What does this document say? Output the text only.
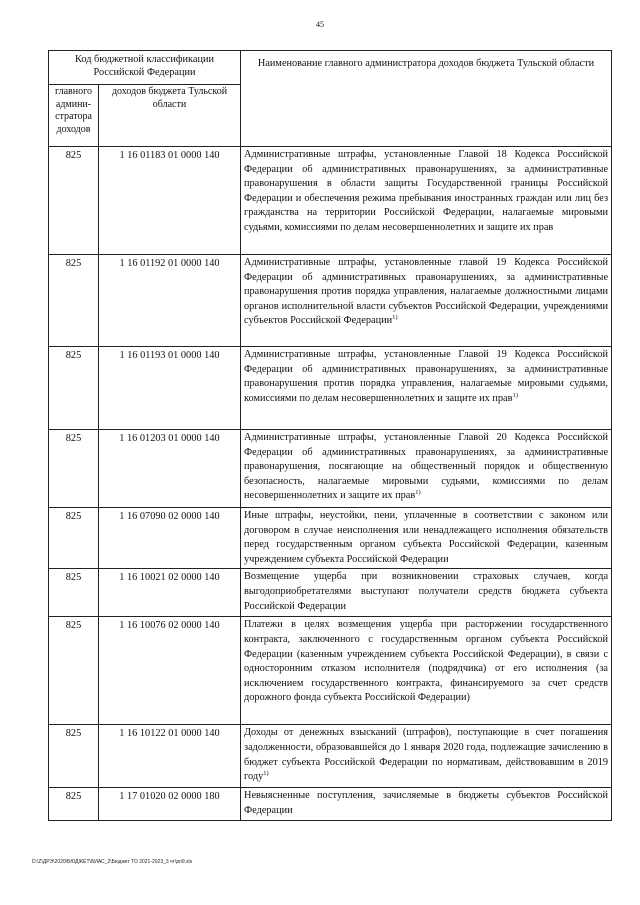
45
Код бюджетной классификации Российской Федерации		Наименование главного администратора доходов бюджета Тульской области
главного админи-стратора доходов	доходов бюджета Тульской области	
825	1 16 01183 01 0000 140	Административные штрафы, установленные Главой 18 Кодекса Российской Федерации об административных правонарушениях, за административные правонарушения в области защиты Государственной границы Российской Федерации и обеспечения режима пребывания иностранных граждан или лиц без гражданства на территории Российской Федерации, налагаемые мировыми судьями, комиссиями по делам несовершеннолетних и защите их прав
825	1 16 01192 01 0000 140	Административные штрафы, установленные главой 19 Кодекса Российской Федерации об административных правонарушениях, за административные правонарушения против порядка управления, налагаемые должностными лицами органов исполнительной власти субъектов Российской Федерации, учреждениями субъектов Российской Федерации$^{1)}$
825	1 16 01193 01 0000 140	Административные штрафы, установленные Главой 19 Кодекса Российской Федерации об административных правонарушениях, за административные правонарушения против порядка управления, налагаемые мировыми судьями, комиссиями по делам несовершеннолетних и защите их прав$^{1)}$
825	1 16 01203 01 0000 140	Административные штрафы, установленные Главой 20 Кодекса Российской Федерации об административных правонарушениях, за административные правонарушения, посягающие на общественный порядок и общественную безопасность, налагаемые мировыми судьями, комиссиями по делам несовершеннолетних и защите их прав$^{1)}$
825	1 16 07090 02 0000 140	Иные штрафы, неустойки, пени, уплаченные в соответствии с законом или договором в случае неисполнения или ненадлежащего исполнения обязательств перед государственным органом субъекта Российской Федерации, казенным учреждением субъекта Российской Федерации
825	1 16 10021 02 0000 140	Возмещение ущерба при возникновении страховых случаев, когда выгодоприобретателями выступают получатели средств бюджета субъекта Российской Федерации
825	1 16 10076 02 0000 140	Платежи в целях возмещения ущерба при расторжении государственного контракта, заключенного с государственным органом субъекта Российской Федерации (казенным учреждением субъекта Российской Федерации), в связи с односторонним отказом исполнителя (подрядчика) от его исполнения (за исключением государственного контракта, финансируемого за счет средств дорожного фонда субъекта Российской Федерации)
825	1 16 10122 01 0000 140	Доходы от денежных взысканий (штрафов), поступающие в счет погашения задолженности, образовавшейся до 1 января 2020 года, подлежащие зачислению в бюджет субъекта Российской Федерации по нормативам, действовавшим в 2019 году$^{1)}$
825	1 17 01020 02 0000 180	Невыясненные поступления, зачисляемые в бюджеты субъектов Российской Федерации
D:\Z\ДРЭ\2020\БЮДЖЕТ\БИАС_2\Бюджет ТО 2021-2023_3 чт\рп9.xls
